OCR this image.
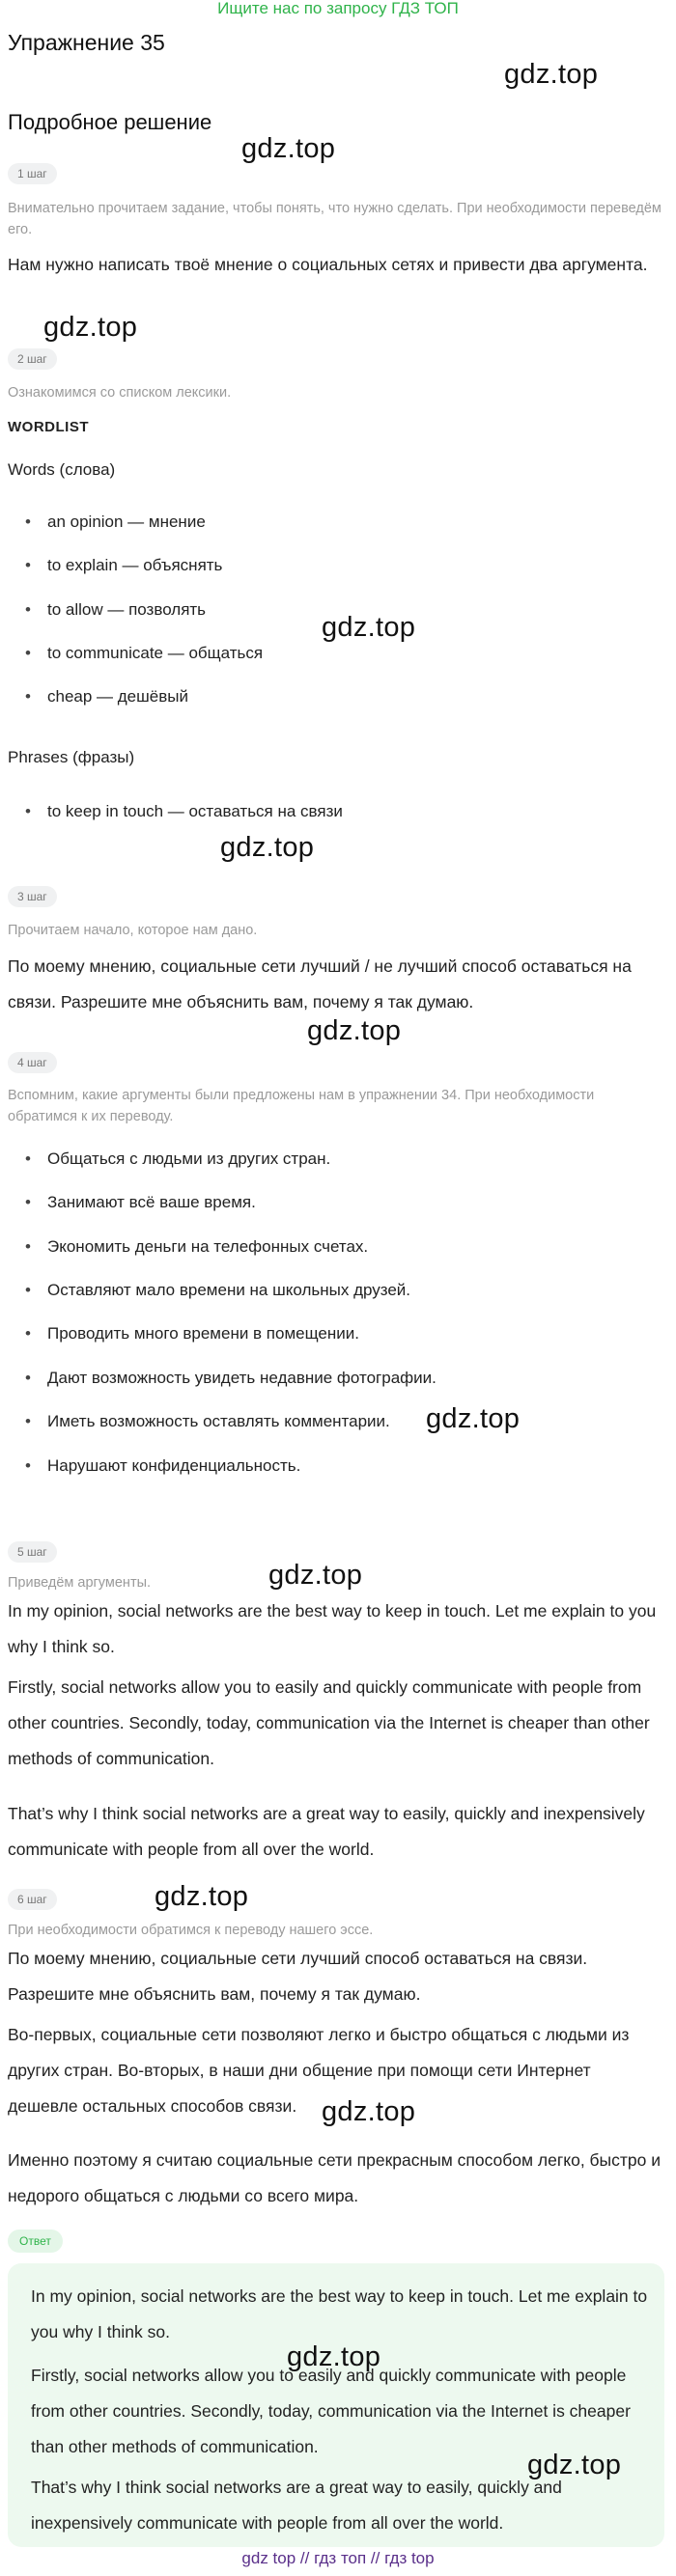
Ищите нас по запросу ГДЗ ТОП
Упражнение 35
Подробное решение
1 шаг

Внимательно прочитаем задание, чтобы понять, что нужно сделать. При необходимости переведём его.

Нам нужно написать твоё мнение о социальных сетях и привести два аргумента.

2 шаг

Ознакомимся со списком лексики.

WORDLIST
Words (слова)
• an opinion — мнение
• to explain — объяснять
• to allow — позволять
• to communicate — общаться
• cheap — дешёвый
Phrases (фразы)
• to keep in touch — оставаться на связи
3 шаг

Прочитаем начало, которое нам дано.

По моему мнению, социальные сети лучший / не лучший способ оставаться на связи. Разрешите мне объяснить вам, почему я так думаю.

4 шаг

Вспомним, какие аргументы были предложены нам в упражнении 34. При необходимости обратимся к их переводу.

• Общаться с людьми из других стран.
• Занимают всё ваше время.
• Экономить деньги на телефонных счетах.
• Оставляют мало времени на школьных друзей.
• Проводить много времени в помещении.
• Дают возможность увидеть недавние фотографии.
• Иметь возможность оставлять комментарии.
• Нарушают конфиденциальность.
5 шаг

Приведём аргументы.

In my opinion, social networks are the best way to keep in touch. Let me explain to you why I think so.

Firstly, social networks allow you to easily and quickly communicate with people from other countries. Secondly, today, communication via the Internet is cheaper than other methods of communication.

That’s why I think social networks are a great way to easily, quickly and inexpensively communicate with people from all over the world.

6 шаг

При необходимости обратимся к переводу нашего эссе.

По моему мнению, социальные сети лучший способ оставаться на связи. Разрешите мне объяснить вам, почему я так думаю.

Во-первых, социальные сети позволяют легко и быстро общаться с людьми из других стран. Во-вторых, в наши дни общение при помощи сети Интернет дешевле остальных способов связи.

Именно поэтому я считаю социальные сети прекрасным способом легко, быстро и недорого общаться с людьми со всего мира.

Ответ

In my opinion, social networks are the best way to keep in touch. Let me explain to you why I think so.

Firstly, social networks allow you to easily and quickly communicate with people from other countries. Secondly, today, communication via the Internet is cheaper than other methods of communication.

That’s why I think social networks are a great way to easily, quickly and inexpensively communicate with people from all over the world.

gdz.top
gdz.top
gdz.top
gdz.top
gdz.top
gdz.top
gdz.top
gdz.top
gdz.top
gdz.top
gdz.top
gdz.top
gdz top // гдз топ // гдз top
